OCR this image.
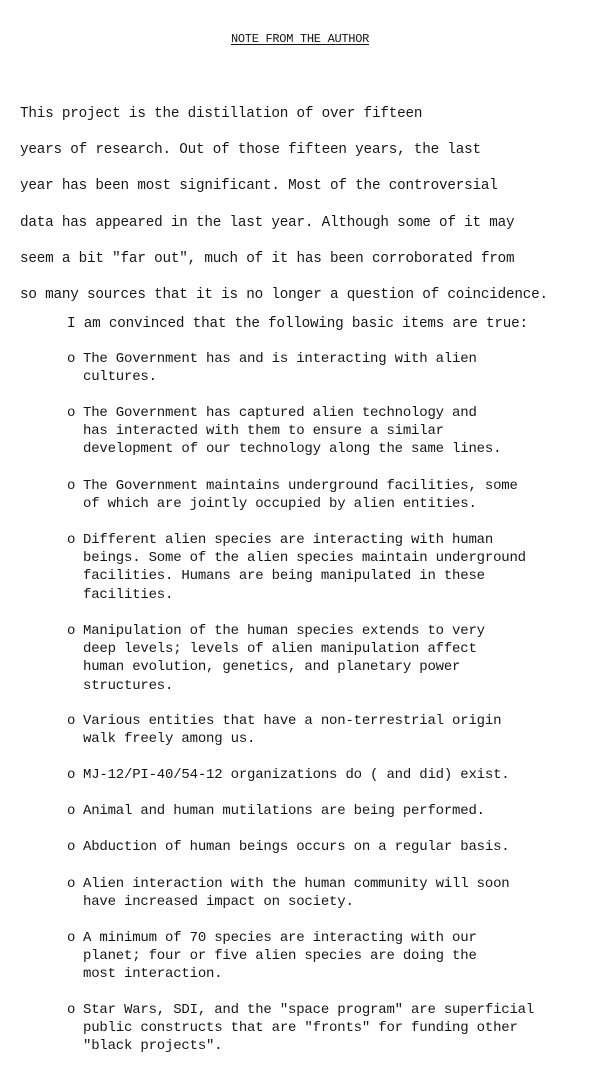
NOTE FROM THE AUTHOR
This project is the distillation of over fifteen
years of research. Out of those fifteen years, the last
year has been most significant. Most of the controversial
data has appeared in the last year. Although some of it may
seem a bit "far out", much of it has been corroborated from
so many sources that it is no longer a question of coincidence.
I am convinced that the following basic items are true:
o The Government has and is interacting with alien
cultures.
o The Government has captured alien technology and
has interacted with them to ensure a similar
development of our technology along the same lines.
o The Government maintains underground facilities, some
of which are jointly occupied by alien entities.
o Different alien species are interacting with human
beings. Some of the alien species maintain underground
facilities. Humans are being manipulated in these
facilities.
o Manipulation of the human species extends to very
deep levels; levels of alien manipulation affect
human evolution, genetics, and planetary power
structures.
o Various entities that have a non-terrestrial origin
walk freely among us.
o MJ-12/PI-40/54-12 organizations do ( and did) exist.
o Animal and human mutilations are being performed.
o Abduction of human beings occurs on a regular basis.
o Alien interaction with the human community will soon
have increased impact on society.
o A minimum of 70 species are interacting with our
planet; four or five alien species are doing the
most interaction.
o Star Wars, SDI, and the "space program" are superficial
public constructs that are "fronts" for funding other
"black projects".
